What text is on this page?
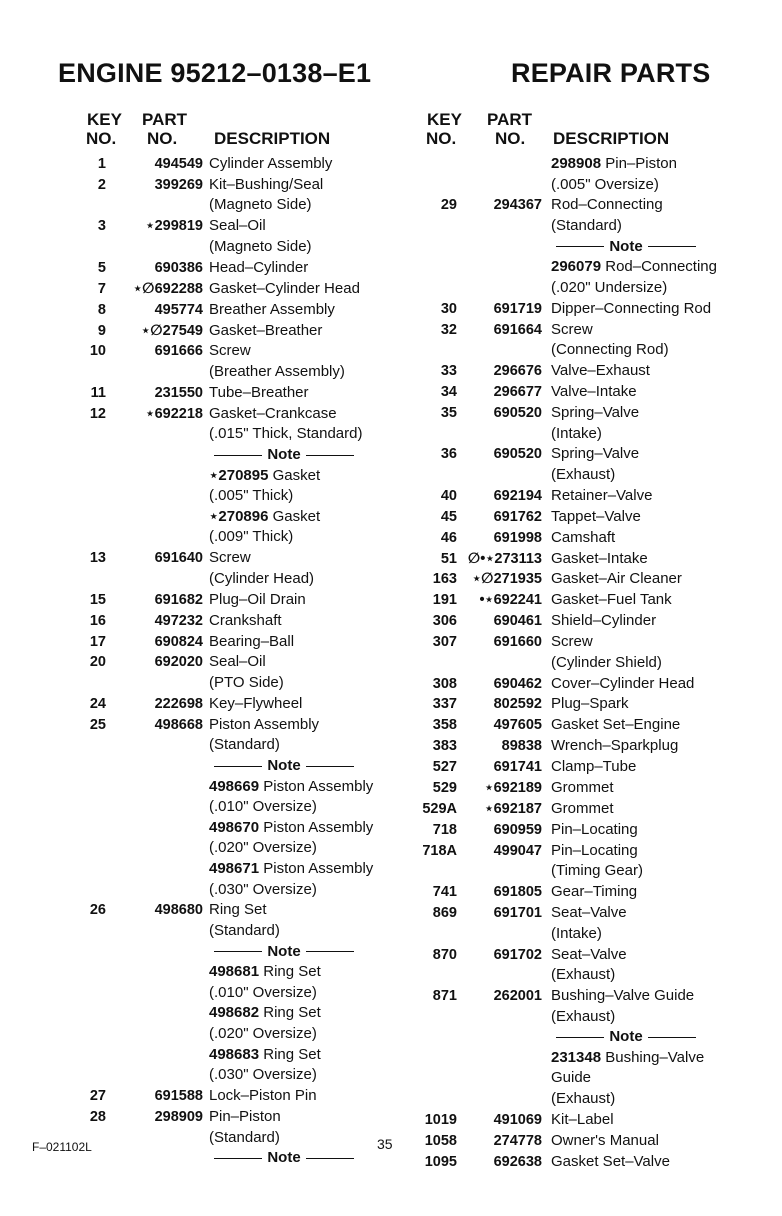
ENGINE 95212–0138–E1	REPAIR PARTS
KEY PART
NO. NO. DESCRIPTION
1	494549 Cylinder Assembly
2	399269 Kit–Bushing/Seal
(Magneto Side)
3	⋆299819 Seal–Oil
(Magneto Side)
5	690386 Head–Cylinder
7	⋆∅692288 Gasket–Cylinder Head
8	495774 Breather Assembly
9	⋆∅27549 Gasket–Breather
10	691666 Screw
(Breather Assembly)
11	231550 Tube–Breather
12	⋆692218 Gasket–Crankcase
(.015" Thick, Standard)
Note
⋆270895 Gasket
(.005" Thick)
⋆270896 Gasket
(.009" Thick)
13	691640 Screw
(Cylinder Head)
15	691682 Plug–Oil Drain
16	497232 Crankshaft
17	690824 Bearing–Ball
20	692020 Seal–Oil
(PTO Side)
24	222698 Key–Flywheel
25	498668 Piston Assembly
(Standard)
Note
498669 Piston Assembly
(.010" Oversize)
498670 Piston Assembly
(.020" Oversize)
498671 Piston Assembly
(.030" Oversize)
26	498680 Ring Set
(Standard)
Note
498681 Ring Set
(.010" Oversize)
498682 Ring Set
(.020" Oversize)
498683 Ring Set
(.030" Oversize)
27	691588 Lock–Piston Pin
28	298909 Pin–Piston
(Standard)
Note
KEY PART
NO. NO. DESCRIPTION
298908 Pin–Piston
(.005" Oversize)
29	294367 Rod–Connecting
(Standard)
Note
296079 Rod–Connecting
(.020" Undersize)
30	691719 Dipper–Connecting Rod
32	691664 Screw
(Connecting Rod)
33	296676 Valve–Exhaust
34	296677 Valve–Intake
35	690520 Spring–Valve
(Intake)
36	690520 Spring–Valve
(Exhaust)
40	692194 Retainer–Valve
45	691762 Tappet–Valve
46	691998 Camshaft
51 ∅•⋆273113 Gasket–Intake
163	⋆∅271935 Gasket–Air Cleaner
191	•⋆692241 Gasket–Fuel Tank
306	690461 Shield–Cylinder
307	691660 Screw
(Cylinder Shield)
308	690462 Cover–Cylinder Head
337	802592 Plug–Spark
358	497605 Gasket Set–Engine
383	89838 Wrench–Sparkplug
527	691741 Clamp–Tube
529	⋆692189 Grommet
529A	⋆692187 Grommet
718	690959 Pin–Locating
718A	499047 Pin–Locating
(Timing Gear)
741	691805 Gear–Timing
869	691701 Seat–Valve
(Intake)
870	691702 Seat–Valve
(Exhaust)
871	262001 Bushing–Valve Guide
(Exhaust)
Note
231348 Bushing–Valve
Guide
(Exhaust)
1019	491069 Kit–Label
1058	274778 Owner's Manual
1095	692638 Gasket Set–Valve
F–021102L	35
